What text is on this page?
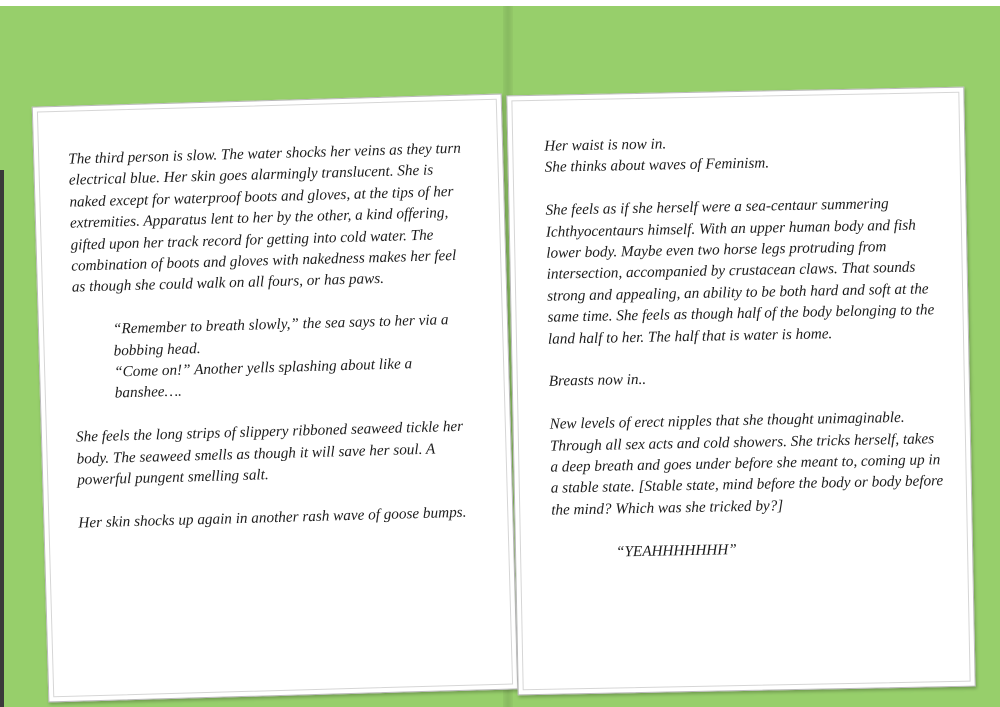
The third person is slow. The water shocks her veins as they turn electrical blue. Her skin goes alarmingly translucent. She is naked except for waterproof boots and gloves, at the tips of her extremities. Apparatus lent to her by the other, a kind offering, gifted upon her track record for getting into cold water. The combination of boots and gloves with nakedness makes her feel as though she could walk on all fours, or has paws.

“Remember to breath slowly,” the sea says to her via a bobbing head.

“Come on!” Another yells splashing about like a banshee….

She feels the long strips of slippery ribboned seaweed tickle her body. The seaweed smells as though it will save her soul. A powerful pungent smelling salt.

Her skin shocks up again in another rash wave of goose bumps.

Her waist is now in.

She thinks about waves of Feminism.

She feels as if she herself were a sea-centaur summering Ichthyocentaurs himself. With an upper human body and fish lower body. Maybe even two horse legs protruding from intersection, accompanied by crustacean claws. That sounds strong and appealing, an ability to be both hard and soft at the same time. She feels as though half of the body belonging to the land half to her. The half that is water is home.

Breasts now in..

New levels of erect nipples that she thought unimaginable. Through all sex acts and cold showers. She tricks herself, takes a deep breath and goes under before she meant to, coming up in a stable state. [Stable state, mind before the body or body before the mind? Which was she tricked by?]

“YEAHHHHHHH”
